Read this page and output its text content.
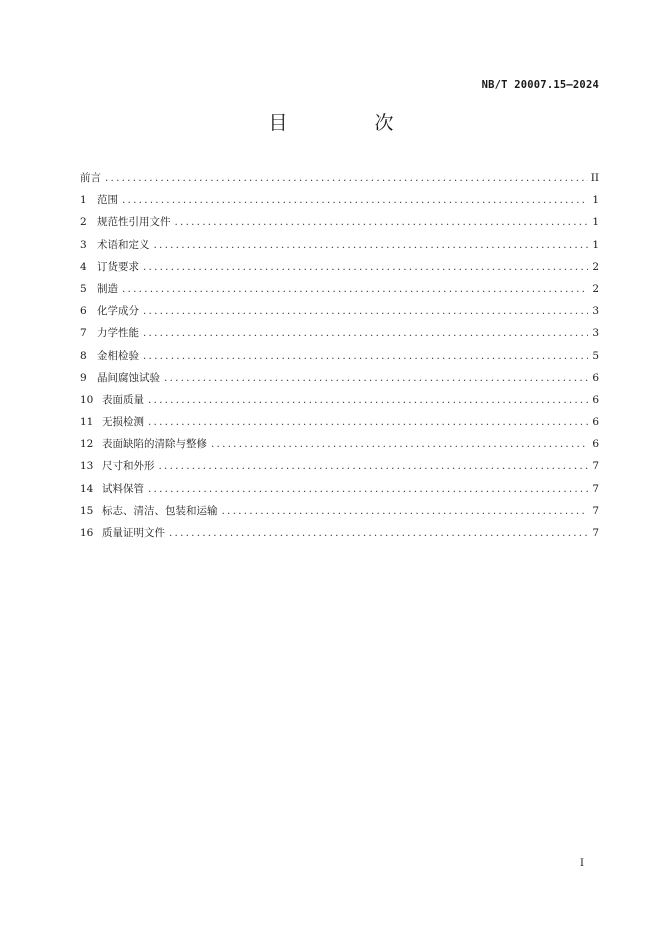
NB/T 20007.15—2024
目　次
前言 .....	II
1 范围 .....	1
2 规范性引用文件 .....	1
3 术语和定义 .....	1
4 订货要求 .....	2
5 制造 .....	2
6 化学成分 .....	3
7 力学性能 .....	3
8 金相检验 .....	5
9 晶间腐蚀试验 .....	6
10 表面质量 .....	6
11 无损检测 .....	6
12 表面缺陷的清除与整修 .....	6
13 尺寸和外形 .....	7
14 试料保管 .....	7
15 标志、清洁、包装和运输 .....	7
16 质量证明文件 .....	7
I
